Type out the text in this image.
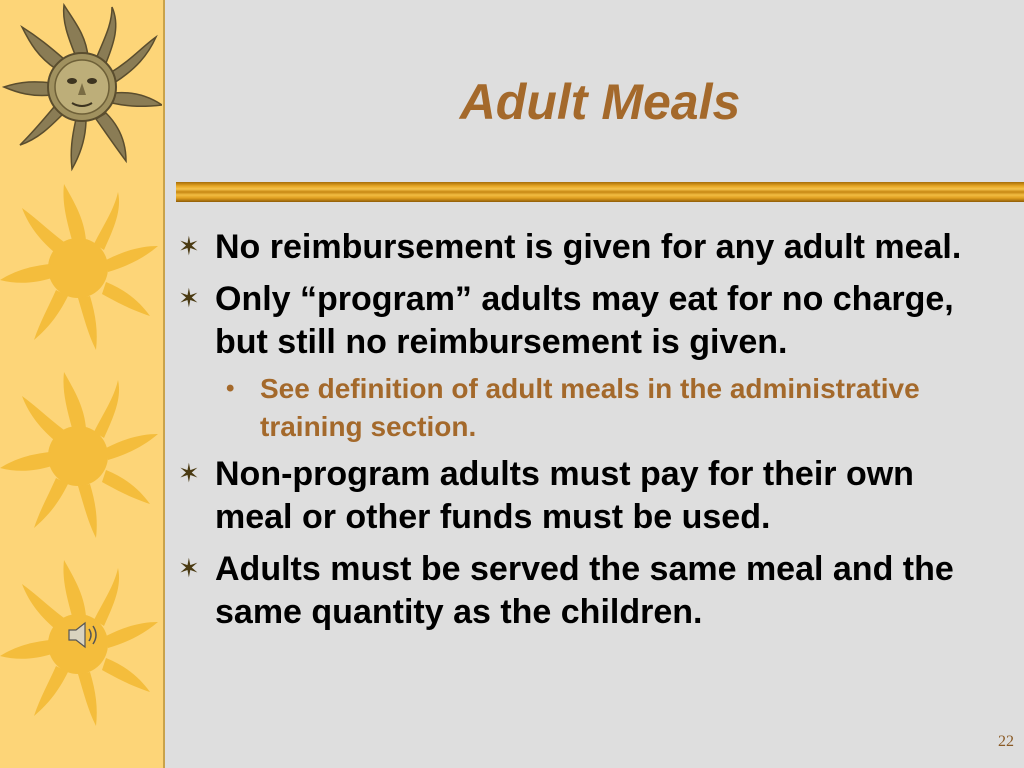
Adult Meals
✶ No reimbursement is given for any adult meal.
✶ Only “program” adults may eat for no charge, but still no reimbursement is given.
• See definition of adult meals in the administrative training section.
✶ Non-program adults must pay for their own meal or other funds must be used.
✶ Adults must be served the same meal and the same quantity as the children.
22
